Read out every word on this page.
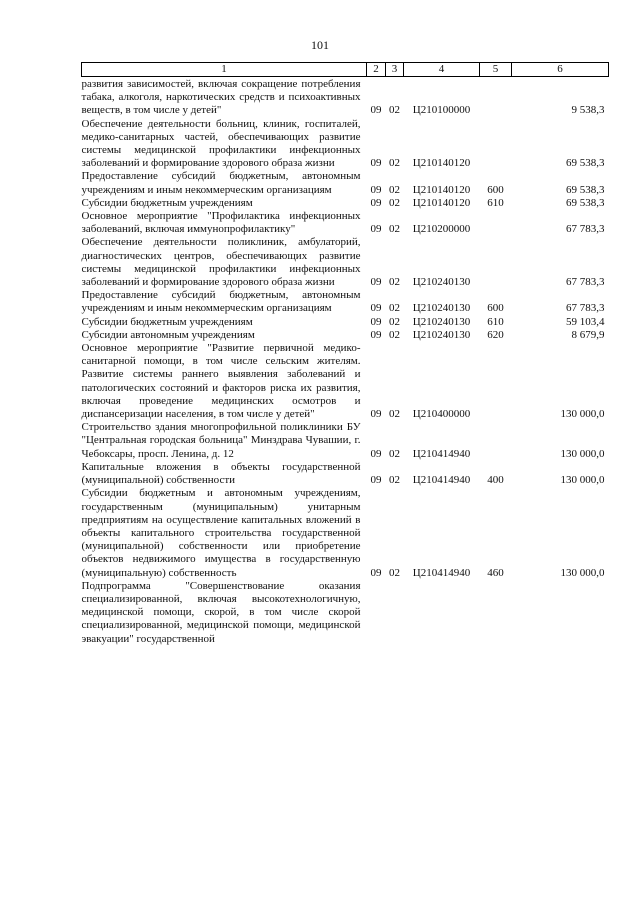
101
1	2	3	4	5	6
развития зависимостей, включая сокращение потребления табака, алкоголя, наркотических средств и психоактивных веществ, в том числе у детей"	09	02	Ц210100000		9 538,3
Обеспечение деятельности больниц, клиник, госпиталей, медико-санитарных частей, обеспечивающих развитие системы медицинской профилактики инфекционных заболеваний и формирование здорового образа жизни	09	02	Ц210140120		69 538,3
Предоставление субсидий бюджетным, автономным учреждениям и иным некоммерческим организациям	09	02	Ц210140120	600	69 538,3
Субсидии бюджетным учреждениям	09	02	Ц210140120	610	69 538,3
Основное мероприятие "Профилактика инфекционных заболеваний, включая иммунопрофилактику"	09	02	Ц210200000		67 783,3
Обеспечение деятельности поликлиник, амбулаторий, диагностических центров, обеспечивающих развитие системы медицинской профилактики инфекционных заболеваний и формирование здорового образа жизни	09	02	Ц210240130		67 783,3
Предоставление субсидий бюджетным, автономным учреждениям и иным некоммерческим организациям	09	02	Ц210240130	600	67 783,3
Субсидии бюджетным учреждениям	09	02	Ц210240130	610	59 103,4
Субсидии автономным учреждениям	09	02	Ц210240130	620	8 679,9
Основное мероприятие "Развитие первичной медико-санитарной помощи, в том числе сельским жителям. Развитие системы раннего выявления заболеваний и патологических состояний и факторов риска их развития, включая проведение медицинских осмотров и диспансеризации населения, в том числе у детей"	09	02	Ц210400000		130 000,0
Строительство здания многопрофильной поликлиники БУ "Центральная городская больница" Минздрава Чувашии, г. Чебоксары, просп. Ленина, д. 12	09	02	Ц210414940		130 000,0
Капитальные вложения в объекты государственной (муниципальной) собственности	09	02	Ц210414940	400	130 000,0
Субсидии бюджетным и автономным учреждениям, государственным (муниципальным) унитарным предприятиям на осуществление капитальных вложений в объекты капитального строительства государственной (муниципальной) собственности или приобретение объектов недвижимого имущества в государственную (муниципальную) собственность	09	02	Ц210414940	460	130 000,0
Подпрограмма "Совершенствование оказания специализированной, включая высокотехнологичную, медицинской помощи, скорой, в том числе скорой специализированной, медицинской помощи, медицинской эвакуации" государственной					
